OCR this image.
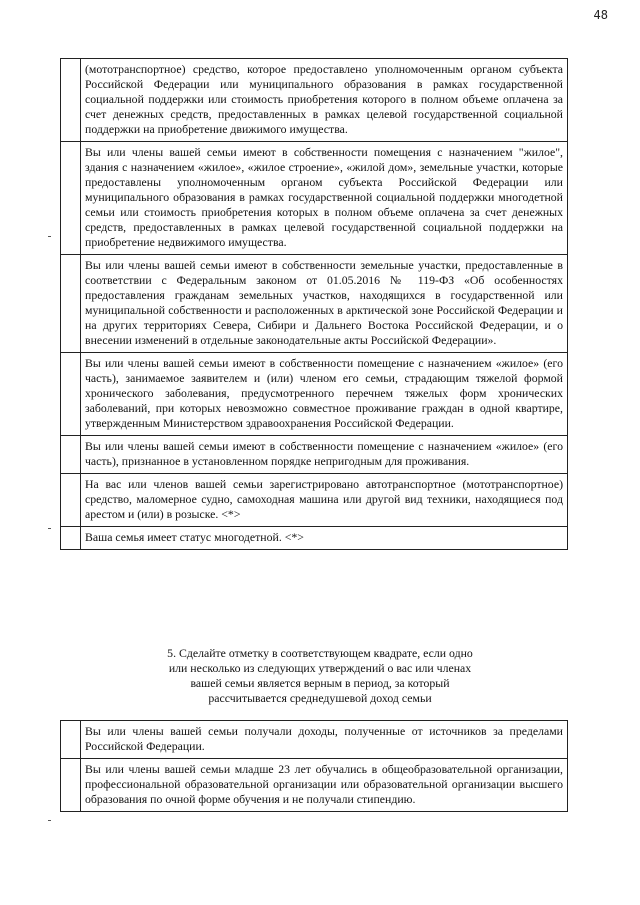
48
(мототранспортное) средство, которое предоставлено уполномоченным органом субъекта Российской Федерации или муниципального образования в рамках государственной социальной поддержки или стоимость приобретения которого в полном объеме оплачена за счет денежных средств, предоставленных в рамках целевой государственной социальной поддержки на приобретение движимого имущества.
Вы или члены вашей семьи имеют в собственности помещения с назначением "жилое", здания с назначением «жилое», «жилое строение», «жилой дом», земельные участки, которые предоставлены уполномоченным органом субъекта Российской Федерации или муниципального образования в рамках государственной социальной поддержки многодетной семьи или стоимость приобретения которых в полном объеме оплачена за счет денежных средств, предоставленных в рамках целевой государственной социальной поддержки на приобретение недвижимого имущества.
Вы или члены вашей семьи имеют в собственности земельные участки, предоставленные в соответствии с Федеральным законом от 01.05.2016 № 119-ФЗ «Об особенностях предоставления гражданам земельных участков, находящихся в государственной или муниципальной собственности и расположенных в арктической зоне Российской Федерации и на других территориях Севера, Сибири и Дальнего Востока Российской Федерации, и о внесении изменений в отдельные законодательные акты Российской Федерации».
Вы или члены вашей семьи имеют в собственности помещение с назначением «жилое» (его часть), занимаемое заявителем и (или) членом его семьи, страдающим тяжелой формой хронического заболевания, предусмотренного перечнем тяжелых форм хронических заболеваний, при которых невозможно совместное проживание граждан в одной квартире, утвержденным Министерством здравоохранения Российской Федерации.
Вы или члены вашей семьи имеют в собственности помещение с назначением «жилое» (его часть), признанное в установленном порядке непригодным для проживания.
На вас или членов вашей семьи зарегистрировано автотранспортное (мототранспортное) средство, маломерное судно, самоходная машина или другой вид техники, находящиеся под арестом и (или) в розыске. <*>
Ваша семья имеет статус многодетной. <*>
5. Сделайте отметку в соответствующем квадрате, если одно
или несколько из следующих утверждений о вас или членах
вашей семьи является верным в период, за который
рассчитывается среднедушевой доход семьи
Вы или члены вашей семьи получали доходы, полученные от источников за пределами Российской Федерации.
Вы или члены вашей семьи младше 23 лет обучались в общеобразовательной организации, профессиональной образовательной организации или образовательной организации высшего образования по очной форме обучения и не получали стипендию.
